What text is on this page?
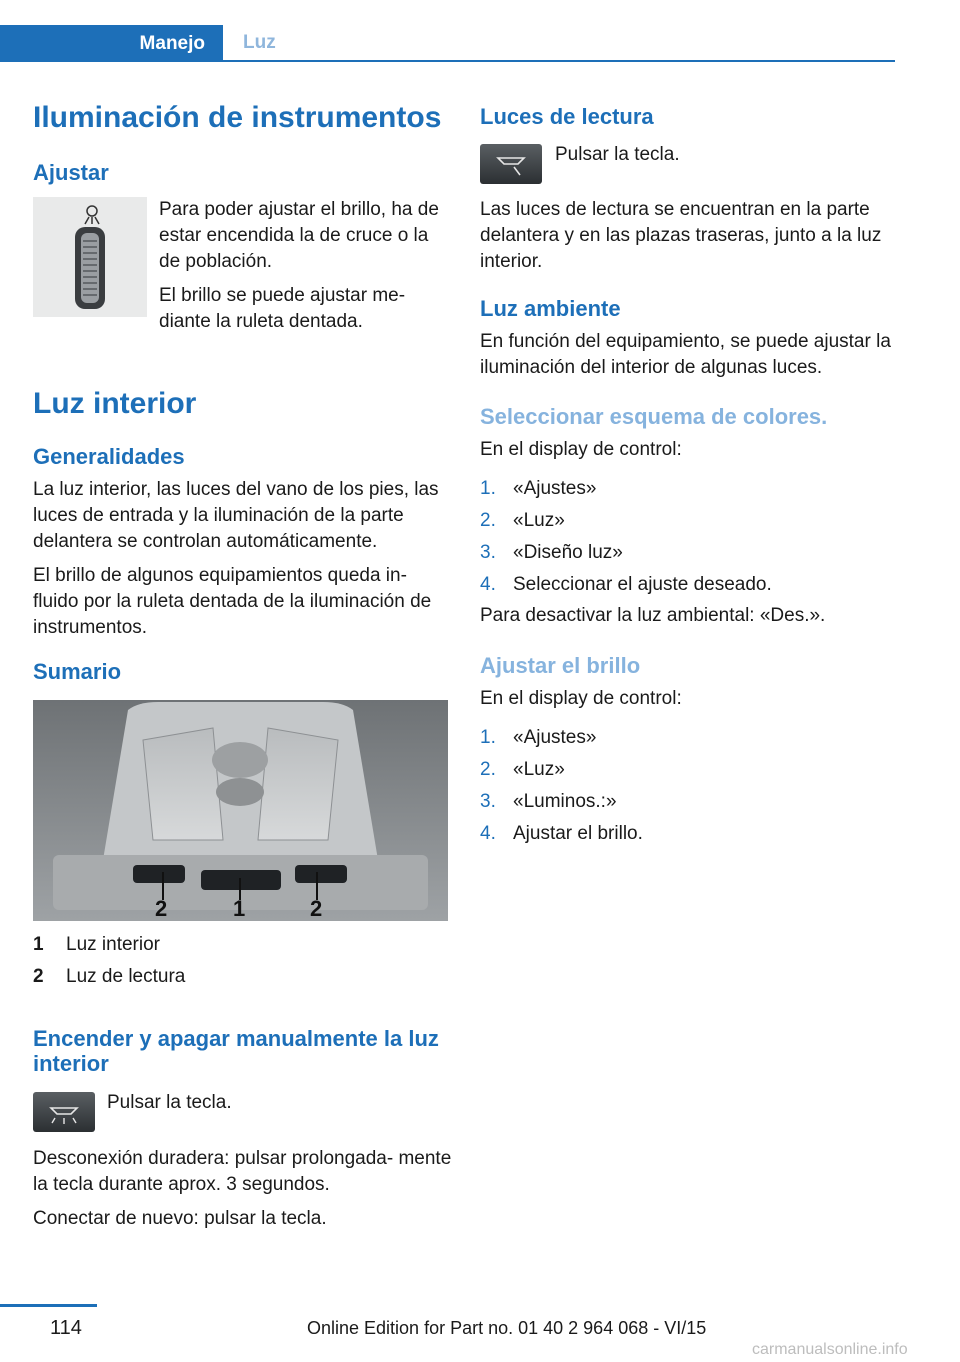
Manejo	Luz
Iluminación de instrumentos
Ajustar

Para poder ajustar el brillo, ha de estar encendida la de cruce o la de población.

El brillo se puede ajustar me‐ diante la ruleta dentada.

Luz interior
Generalidades

La luz interior, las luces del vano de los pies, las luces de entrada y la iluminación de la parte delantera se controlan automáticamente.

El brillo de algunos equipamientos queda in‐ fluido por la ruleta dentada de la iluminación de instrumentos.

Sumario
2	1	2
1	Luz interior
2	Luz de lectura
Encender y apagar manualmente la luz interior
Pulsar la tecla.

Desconexión duradera: pulsar prolongada‐ mente la tecla durante aprox. 3 segundos.

Conectar de nuevo: pulsar la tecla.

Luces de lectura
Pulsar la tecla.

Las luces de lectura se encuentran en la parte delantera y en las plazas traseras, junto a la luz interior.

Luz ambiente

En función del equipamiento, se puede ajustar la iluminación del interior de algunas luces.

Seleccionar esquema de colores.
En el display de control:
1. «Ajustes»
2. «Luz»
3. «Diseño luz»
4. Seleccionar el ajuste deseado.
Para desactivar la luz ambiental: «Des.».
Ajustar el brillo
En el display de control:
1. «Ajustes»
2. «Luz»
3. «Luminos.:»
4. Ajustar el brillo.
114	Online Edition for Part no. 01 40 2 964 068 - VI/15
carmanualsonline.info
